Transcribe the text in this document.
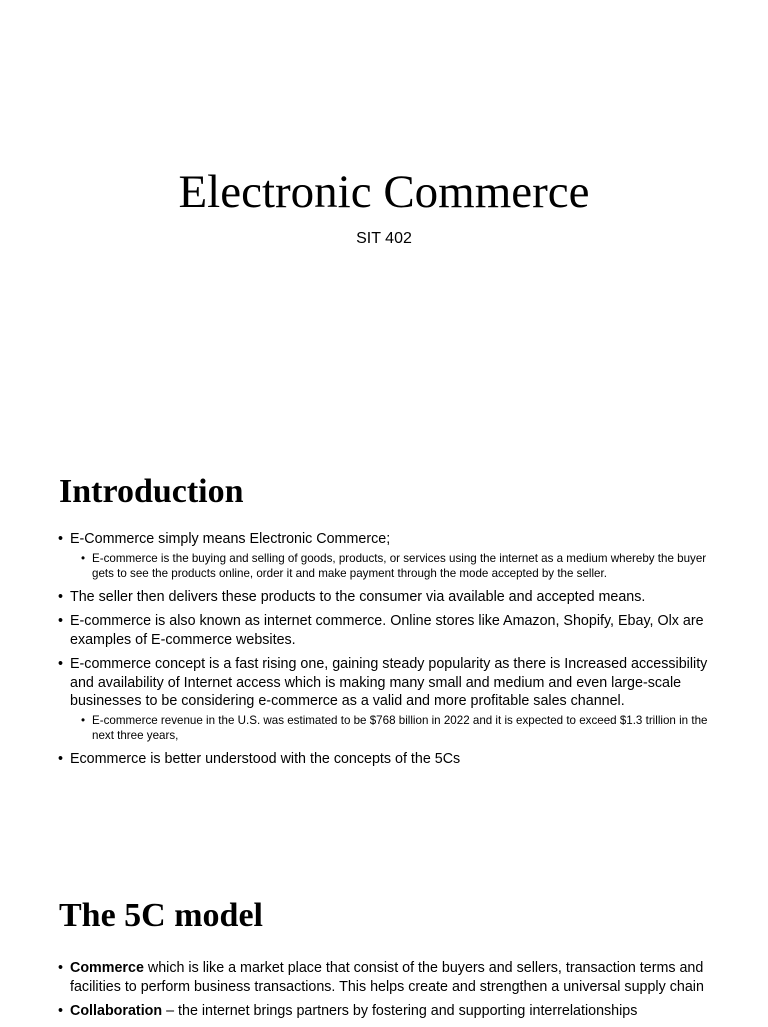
Electronic Commerce
SIT 402
Introduction
• E-Commerce simply means Electronic Commerce;
• E-commerce is the buying and selling of goods, products, or services using the internet as a medium whereby the buyer gets to see the products online, order it and make payment through the mode accepted by the seller.
• The seller then delivers these products to the consumer via available and accepted means.
• E-commerce is also known as internet commerce. Online stores like Amazon, Shopify, Ebay, Olx are examples of E-commerce websites.
• E-commerce concept is a fast rising one, gaining steady popularity as there is Increased accessibility and availability of Internet access which is making many small and medium and even large-scale businesses to be considering e-commerce as a valid and more profitable sales channel.
• E-commerce revenue in the U.S. was estimated to be $768 billion in 2022 and it is expected to exceed $1.3 trillion in the next three years,
• Ecommerce is better understood with the concepts of the 5Cs
The 5C model
• Commerce which is like a market place that consist of the buyers and sellers, transaction terms and facilities to perform business transactions. This helps create and strengthen a universal supply chain
• Collaboration – the internet brings partners by fostering and supporting interrelationships
